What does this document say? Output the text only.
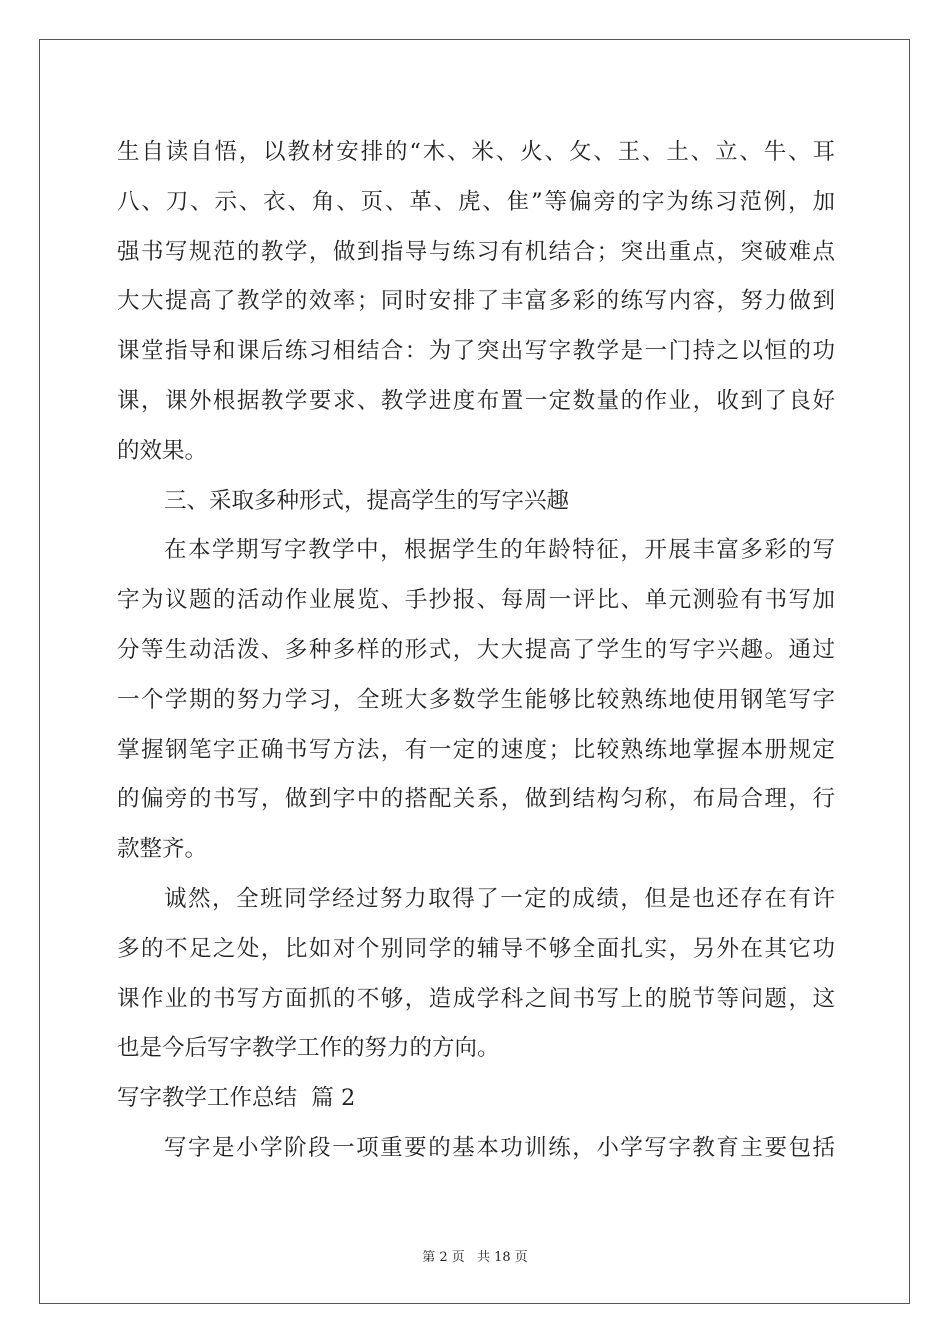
生自读自悟，以教材安排的“木、米、火、攵、王、土、立、牛、耳
八、刀、示、衣、角、页、革、虎、隹”等偏旁的字为练习范例，加
强书写规范的教学，做到指导与练习有机结合；突出重点，突破难点
大大提高了教学的效率；同时安排了丰富多彩的练写内容，努力做到
课堂指导和课后练习相结合：为了突出写字教学是一门持之以恒的功
课，课外根据教学要求、教学进度布置一定数量的作业，收到了良好
的效果。
三、采取多种形式，提高学生的写字兴趣
在本学期写字教学中，根据学生的年龄特征，开展丰富多彩的写
字为议题的活动作业展览、手抄报、每周一评比、单元测验有书写加
分等生动活泼、多种多样的形式，大大提高了学生的写字兴趣。通过
一个学期的努力学习，全班大多数学生能够比较熟练地使用钢笔写字
掌握钢笔字正确书写方法，有一定的速度；比较熟练地掌握本册规定
的偏旁的书写，做到字中的搭配关系，做到结构匀称，布局合理，行
款整齐。
诚然，全班同学经过努力取得了一定的成绩，但是也还存在有许
多的不足之处，比如对个别同学的辅导不够全面扎实，另外在其它功
课作业的书写方面抓的不够，造成学科之间书写上的脱节等问题，这
也是今后写字教学工作的努力的方向。
写字教学工作总结  篇 2
写字是小学阶段一项重要的基本功训练，小学写字教育主要包括
第 2 页 共 18 页
